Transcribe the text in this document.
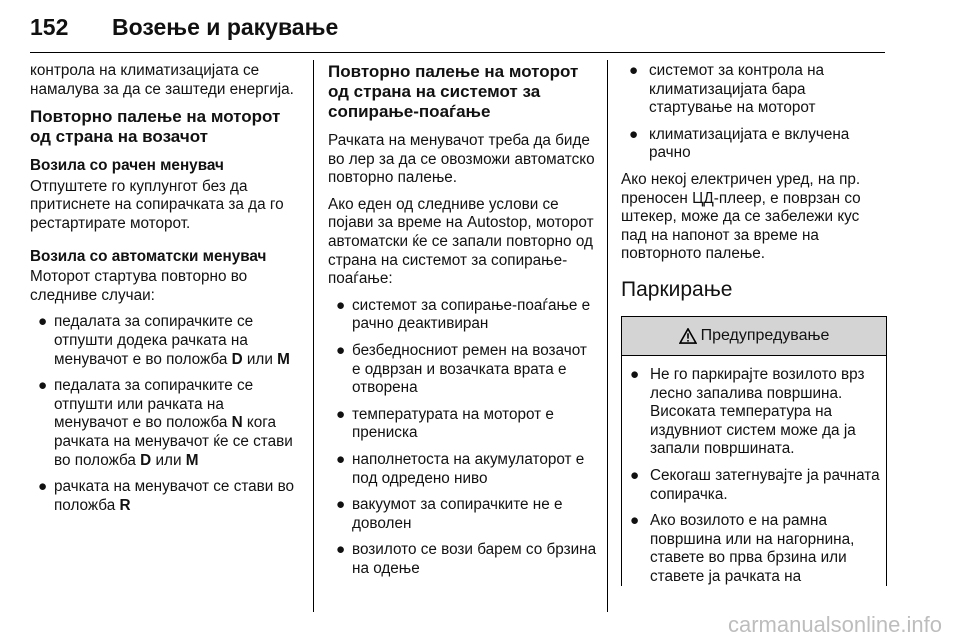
152 Возење и ракување

контрола на климатизацијата се намалува за да се заштеди енергија.

Повторно палење на моторот од страна на возачот
Возила со рачен менувач

Отпуштете го куплунгот без да притиснете на сопирачката за да го рестартирате моторот.

Возила со автоматски менувач

Моторот стартува повторно во следниве случаи:

● педалата за сопирачките се отпушти додека рачката на менувачот е во положба D или M
● педалата за сопирачките се отпушти или рачката на менувачот е во положба N кога рачката на менувачот ќе се стави во положба D или M
● рачката на менувачот се стави во положба R
Повторно палење на моторот од страна на системот за сопирање-поаѓање

Рачката на менувачот треба да биде во лер за да се овозможи автоматско повторно палење.

Ако еден од следниве услови се појави за време на Autostop, моторот автоматски ќе се запали повторно од страна на системот за сопирање-поаѓање:

● системот за сопирање-поаѓање е рачно деактивиран
● безбедносниот ремен на возачот е одврзан и возачката врата е отворена
● температурата на моторот е прениска
● наполнетоста на акумулаторот е под одредено ниво
● вакуумот за сопирачките не е доволен
● возилото се вози барем со брзина на одење
● системот за контрола на климатизацијата бара стартување на моторот
● климатизацијата е вклучена рачно

Ако некој електричен уред, на пр. преносен ЦД-плеер, е поврзан со штекер, може да се забележи кус пад на напонот за време на повторното палење.

Паркирање
Предупредување
● Не го паркирајте возилото врз лесно запалива површина. Високата температура на издувниот систем може да ја запали површината.
● Секогаш затегнувајте ја рачната сопирачка.
● Ако возилото е на рамна површина или на нагорнина, ставете во прва брзина или ставете ја рачката на
carmanualsonline.info
